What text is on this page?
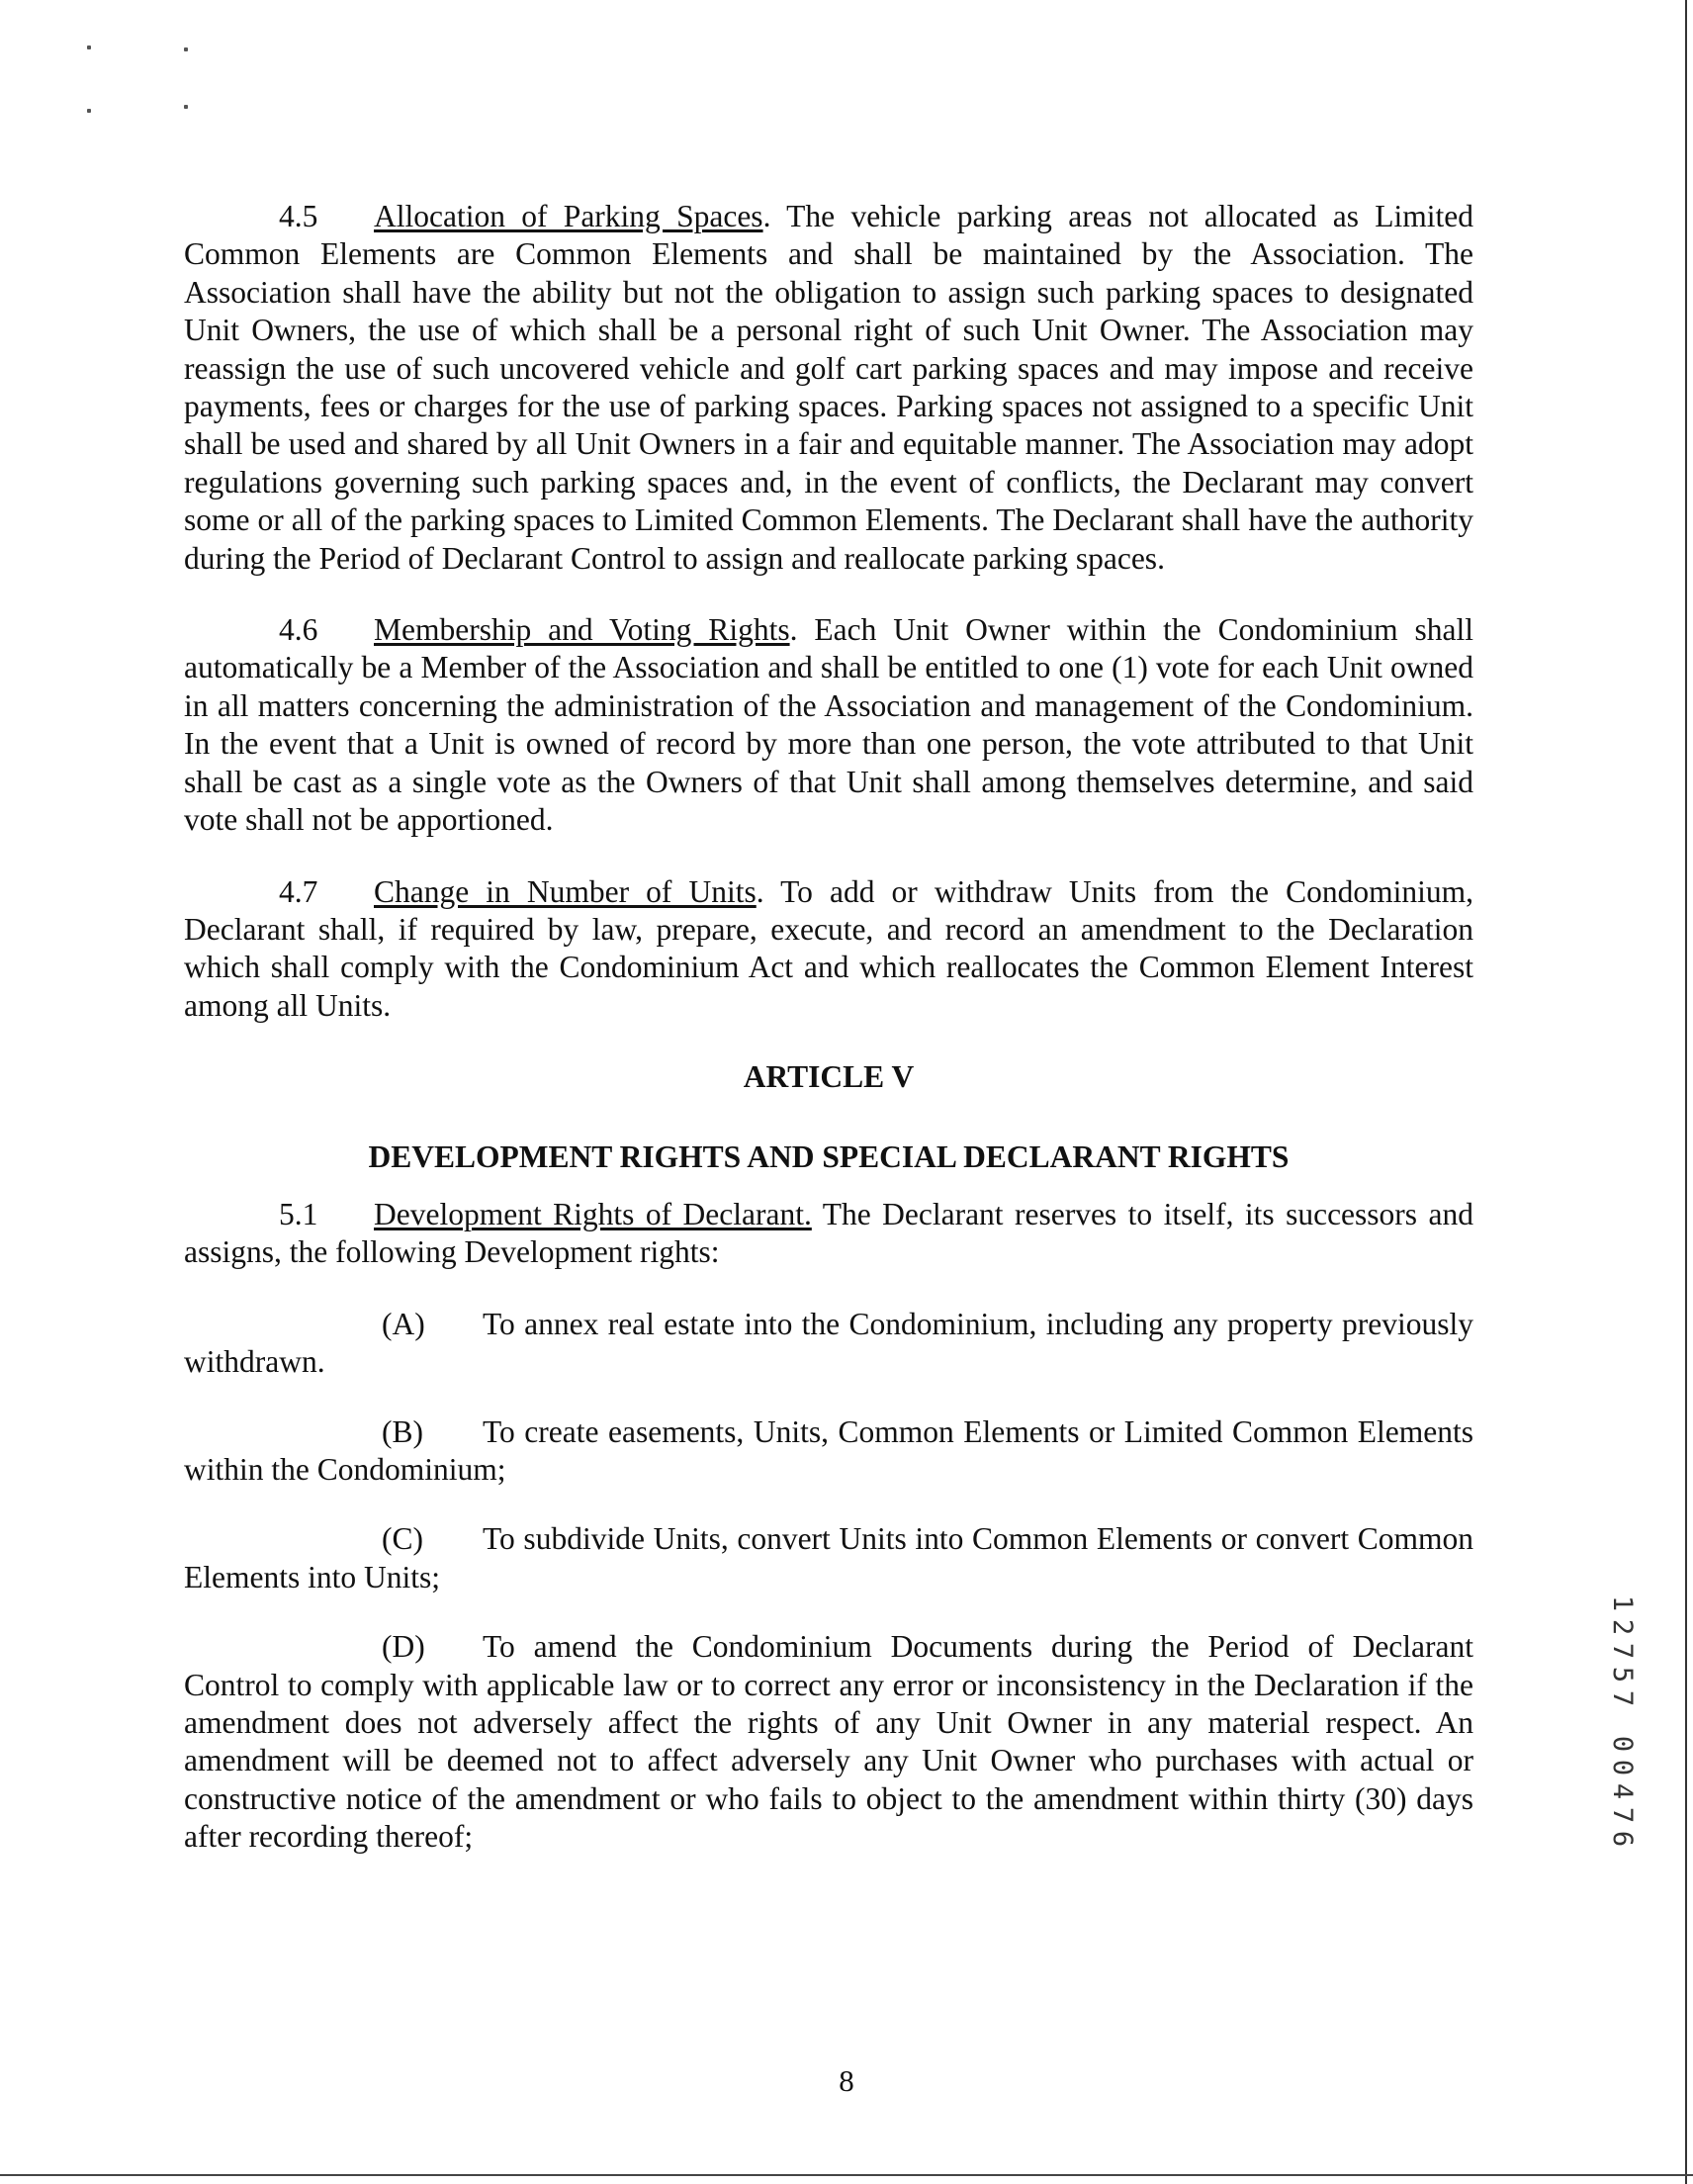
4.5 Allocation of Parking Spaces. The vehicle parking areas not allocated as Limited Common Elements are Common Elements and shall be maintained by the Association. The Association shall have the ability but not the obligation to assign such parking spaces to designated Unit Owners, the use of which shall be a personal right of such Unit Owner. The Association may reassign the use of such uncovered vehicle and golf cart parking spaces and may impose and receive payments, fees or charges for the use of parking spaces. Parking spaces not assigned to a specific Unit shall be used and shared by all Unit Owners in a fair and equitable manner. The Association may adopt regulations governing such parking spaces and, in the event of conflicts, the Declarant may convert some or all of the parking spaces to Limited Common Elements. The Declarant shall have the authority during the Period of Declarant Control to assign and reallocate parking spaces.

4.6 Membership and Voting Rights. Each Unit Owner within the Condominium shall automatically be a Member of the Association and shall be entitled to one (1) vote for each Unit owned in all matters concerning the administration of the Association and management of the Condominium. In the event that a Unit is owned of record by more than one person, the vote attributed to that Unit shall be cast as a single vote as the Owners of that Unit shall among themselves determine, and said vote shall not be apportioned.

4.7 Change in Number of Units. To add or withdraw Units from the Condominium, Declarant shall, if required by law, prepare, execute, and record an amendment to the Declaration which shall comply with the Condominium Act and which reallocates the Common Element Interest among all Units.

ARTICLE V

DEVELOPMENT RIGHTS AND SPECIAL DECLARANT RIGHTS

5.1 Development Rights of Declarant. The Declarant reserves to itself, its successors and assigns, the following Development rights:

(A) To annex real estate into the Condominium, including any property previously withdrawn.

(B) To create easements, Units, Common Elements or Limited Common Elements within the Condominium;

(C) To subdivide Units, convert Units into Common Elements or convert Common Elements into Units;

(D) To amend the Condominium Documents during the Period of Declarant Control to comply with applicable law or to correct any error or inconsistency in the Declaration if the amendment does not adversely affect the rights of any Unit Owner in any material respect. An amendment will be deemed not to affect adversely any Unit Owner who purchases with actual or constructive notice of the amendment or who fails to object to the amendment within thirty (30) days after recording thereof;

1
2
7
5
7
0
0
4
7
6
8
